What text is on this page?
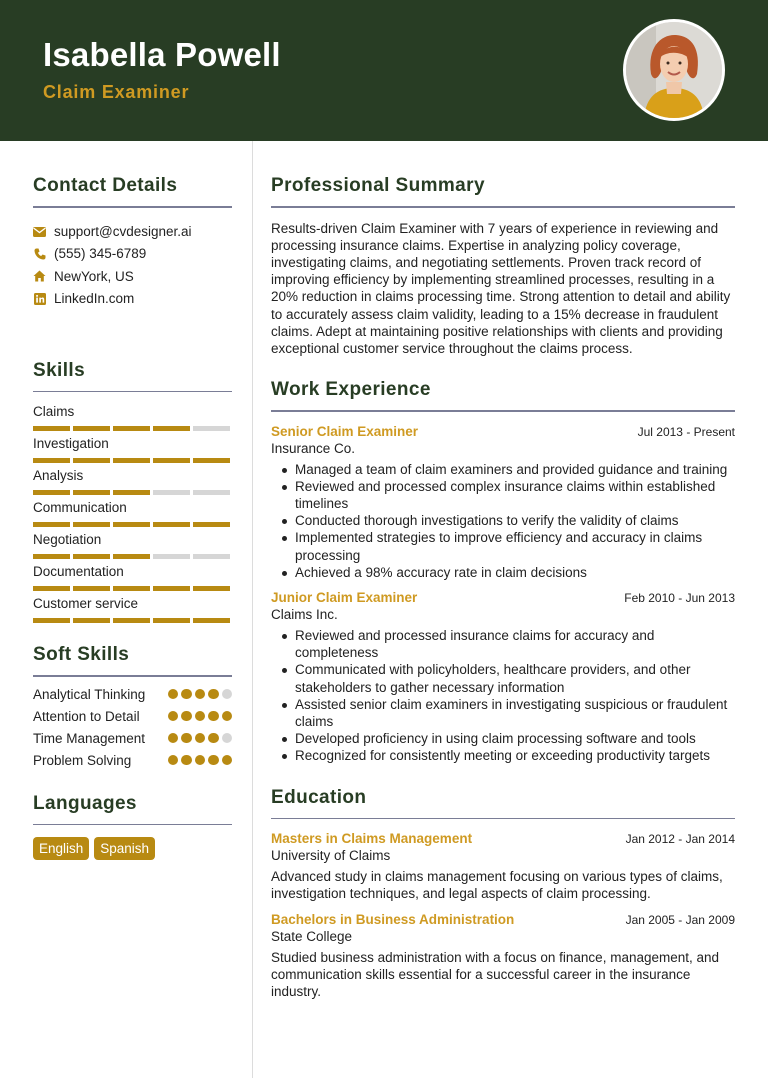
Isabella Powell
Claim Examiner
Contact Details
support@cvdesigner.ai
(555) 345-6789
NewYork, US
LinkedIn.com
Skills
Claims
Investigation
Analysis
Communication
Negotiation
Documentation
Customer service
Soft Skills
Analytical Thinking
Attention to Detail
Time Management
Problem Solving
Languages
English	Spanish
Professional Summary

Results-driven Claim Examiner with 7 years of experience in reviewing and processing insurance claims. Expertise in analyzing policy coverage, investigating claims, and negotiating settlements. Proven track record of improving efficiency by implementing streamlined processes, resulting in a 20% reduction in claims processing time. Strong attention to detail and ability to accurately assess claim validity, leading to a 15% decrease in fraudulent claims. Adept at maintaining positive relationships with clients and providing exceptional customer service throughout the claims process.

Work Experience
Senior Claim Examiner	Jul 2013 - Present
Insurance Co.
Managed a team of claim examiners and provided guidance and training
Reviewed and processed complex insurance claims within established timelines
Conducted thorough investigations to verify the validity of claims
Implemented strategies to improve efficiency and accuracy in claims processing
Achieved a 98% accuracy rate in claim decisions
Junior Claim Examiner	Feb 2010 - Jun 2013
Claims Inc.
Reviewed and processed insurance claims for accuracy and completeness
Communicated with policyholders, healthcare providers, and other stakeholders to gather necessary information
Assisted senior claim examiners in investigating suspicious or fraudulent claims
Developed proficiency in using claim processing software and tools
Recognized for consistently meeting or exceeding productivity targets
Education
Masters in Claims Management	Jan 2012 - Jan 2014
University of Claims

Advanced study in claims management focusing on various types of claims, investigation techniques, and legal aspects of claim processing.

Bachelors in Business Administration	Jan 2005 - Jan 2009
State College

Studied business administration with a focus on finance, management, and communication skills essential for a successful career in the insurance industry.
